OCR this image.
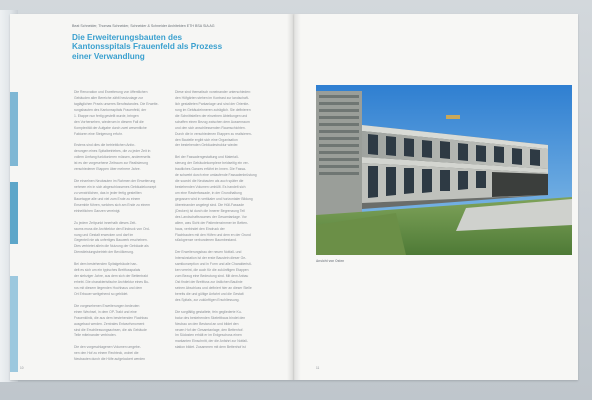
Beat Schneider, Thomas Schneider, Schneider & Schneider Architekten ETH BSA SIA AG
Die Erweiterungsbauten des
Kantonsspitals Frauenfeld als Prozess
einer Verwandlung
Die Renovation und Erweiterung von öffentlichen
Gebäuden aller Bereiche zählt heutzutage zur
tagtäglichen Praxis unseres Berufsstandes. Die Erweite-
rungsbauten des Kantonsspitals Frauenfeld, der
1. Etappe nun fertig gestellt wurde, bringen
den Vorhersehen, wiederum in diesem Fall die
Komplexität der Aufgabe durch zwei wesentliche
Faktoren eine Steigerung erfuhr.
Erstens sind dies die betrieblichen Anfor-
derungen eines Spitalbetriebes, die zu jeder Zeit in
vollem Umfang funktionieren müssen, andererseits
ist es der vorgesehene Zeitraum zur Realisierung
verschiedener Etappen über mehrere Jahre.
Die einzelnen Neubauten im Rahmen der Erweiterung
nehmen ein in sich abgeschlossenes Gebäudekonzept
zu verwirklichen, das in jeder fertig gestellten
Bauetappe alle und viel zum Ende zu einem
Ensemble führen, welches sich am Ende zu einem
einheitlichen Ganzen vereinigt.
Zu jedem Zeitpunkt innerhalb dieses Zeit-
raums muss die Architektur den Eindruck von Ord-
nung und Gestalt erwecken und darf im
Gegenteil nie als unfertiges Bauwerk erscheinen.
Dies verbietet allein die Nutzung der Gebäude als
Dienstleistungsbetrieb der Bevölkerung.
Bei dem bestehenden Spitalgebäude han-
delt es sich um ein typisches Breitfusspalais
der siebziger Jahre, aus dem sich der Bettentrakt
erhebt. Die charakteristische Architektur eines Bu-
ros mit diesem liegenden Hochhaus und dem
Ort Erbauer weitgehend so gebildet.
Die vorgesehenen Erweiterungen bedeuten
einen Wechsel, in dem OP-Trakt und eine
Frauenklinik, die aus dem bestehenden Flachbau
ausgebaut werden. Zentrales Entwurfsmoment
sind die Erschliessungsachsen, die als Gebäude
Teile miteinander verbinden.
Die den vorgeschlagenen Volumen umgebe-
nen den Hof zu einem Rechteck, wobei die
Neubauten durch die Höfe aufgelockert werden
Diese sind thematisch voneinander unterschieden:
den Höfgärten stehen im Kontrast zur landschaft-
lich gestalteten Parkanlage und sind der Orientie-
rung im Gebäudeinneren zuträglich. Sie definieren
die Schnittstellen der einzelnen Abteilungen und
schaffen einen Bezug zwischen dem Aussenraum
und den sich anschliessenden Raumschichten.
Durch die in verschiedenen Etappen zu realisieren-
den Bauteile ergibt sich eine Organisation
der bestehenden Gebäudestruktur wieder.
Bei der Fassadengestaltung und Materiali-
sierung der Gebäudekomplexe beidseitig ein ver-
trautliches Ganzes erfährt im Innen. Die Fassa-
de schwebt durch eine umlaufende Fassadenbrüstung
die sowohl die Neubauten als auch später die
bestehenden Volumen umhüllt. Es handelt sich
um eine Rasterfassade, in der Grundhaltung
gegossen wird in vertikaler und horizontaler Bildung
übereinander angelegt sind. Die Hüll-Fassade
(Decken) ist durch die Innerer Begrenzung Teil
des Landschaftsraumes der Gesamtanlage. Vor
allem, was Sicht der Patientenzimmer im Betten-
haus, verbindet den Eindruck der
Flachbauten mit den Höfen und dem en der Grund
stückgrenze verbundenen Baumbestand.
Der Erweiterungsbau der neuen Notfall- und
Intensivstation ist der erste Baustein dieser Ge-
samtkonzeption und in Form und alle Charakteristi-
ken vereint, die auch für die zukünftigen Etappen
zum Bezug eine Bedeutung sind. Mit dem Anbau
Ost findet der Breitfuss zur östlichen Baulinie
seinen Abschluss und definiert hier an dieser Stelle
bereits die und gültige Anfahrt und die Gestalt
des Spitals, zur zukünftigen Erschliessung.
Die sorgfältig gestaltete, fein gegliederte Ku-
batur des bestehenden Skelettbaus bindet den
Neubau an den Bestand an und bildet den
neuen Hof der Gesamtanlage, den Bettenhof.
Im Südosten erhält er im Erdgeschoss einen
markanten Einschnitt, der die Anfahrt zur Notfall-
station bildet. Zusammen mit dem Bettenhof ist
10	11
Ansicht von Osten
